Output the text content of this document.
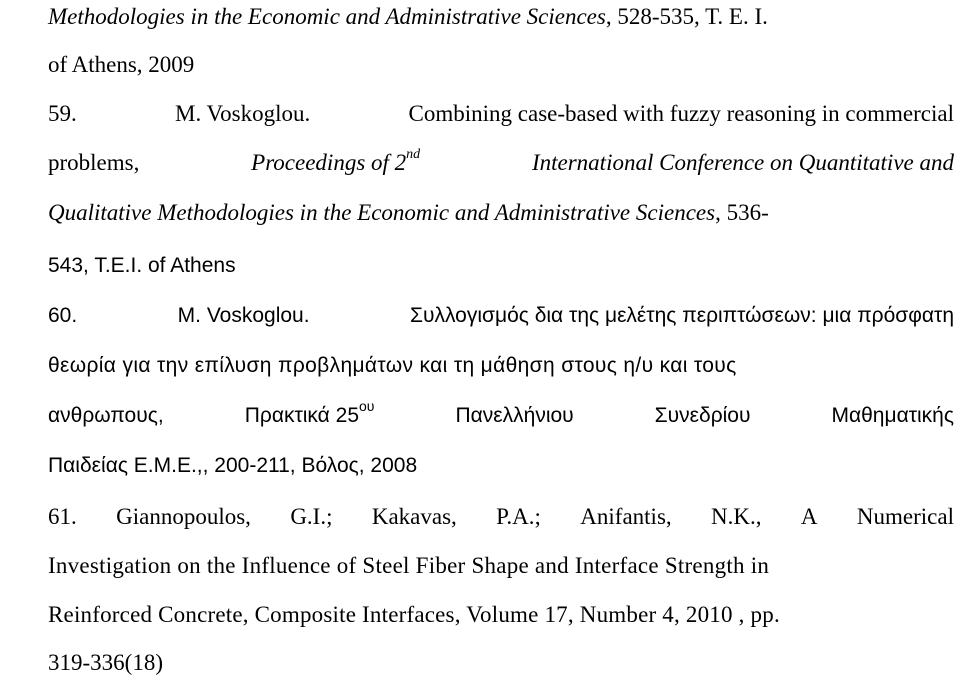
Methodologies in the Economic and Administrative Sciences, 528-535, T. E. I.
of Athens, 2009
59.	M. Voskoglou.	Combining case-based with fuzzy reasoning in commercial
problems,	Proceedings of 2nd	International Conference on Quantitative and
Qualitative Methodologies in the Economic and Administrative Sciences, 536-
543, T.E.I. of Athens
60.	M. Voskoglou.	Συλλογισμός δια της μελέτης περιπτώσεων: μια πρόσφατη
θεωρία για την επίλυση προβλημάτων και τη μάθηση στους η/υ και τους
ανθρωπους,	Πρακτικά $25^{o\upsilon}$	Πανελλήνιου	Συνεδρίου	Μαθηματικής
Παιδείας Ε.Μ.Ε.,, 200-211, Βόλος, 2008
61. Giannopoulos, G.I.; Kakavas, P.A.; Anifantis, N.K., A Numerical
Investigation on the Influence of Steel Fiber Shape and Interface Strength in
Reinforced Concrete, Composite Interfaces, Volume 17, Number 4, 2010 , pp.
319-336(18)
